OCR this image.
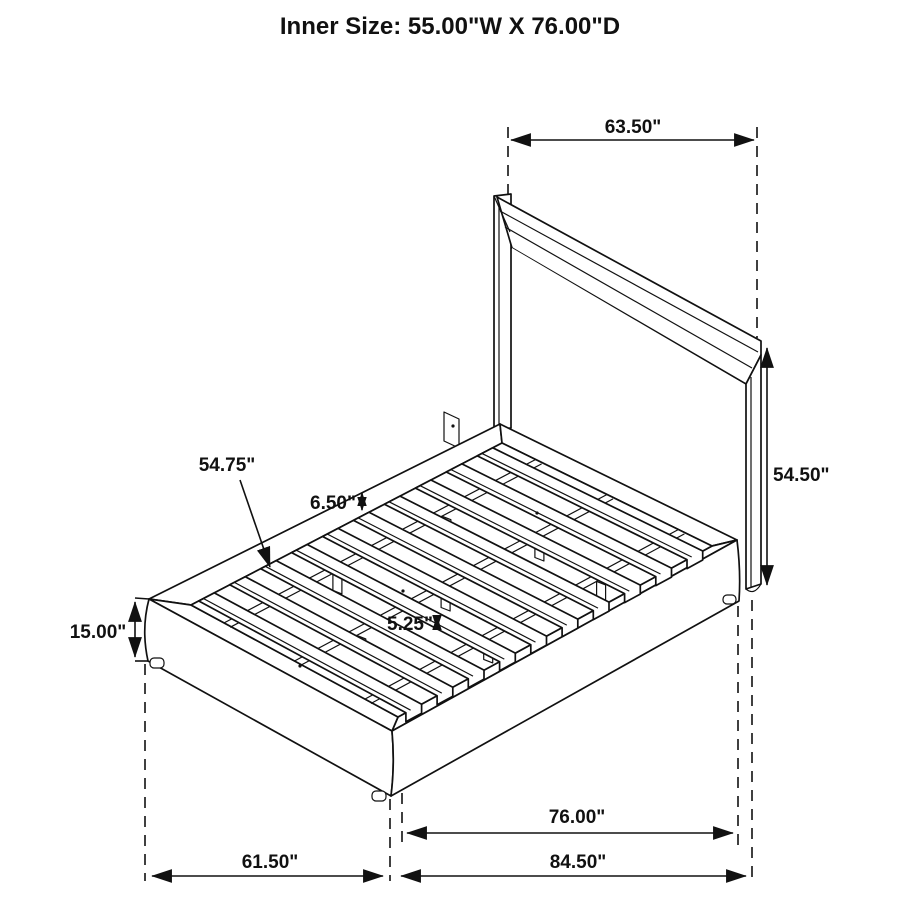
Inner Size: 55.00"W X 76.00"D
63.50"
54.50"
54.75"
6.50"
5.25"
15.00"
76.00"
61.50"	84.50"
